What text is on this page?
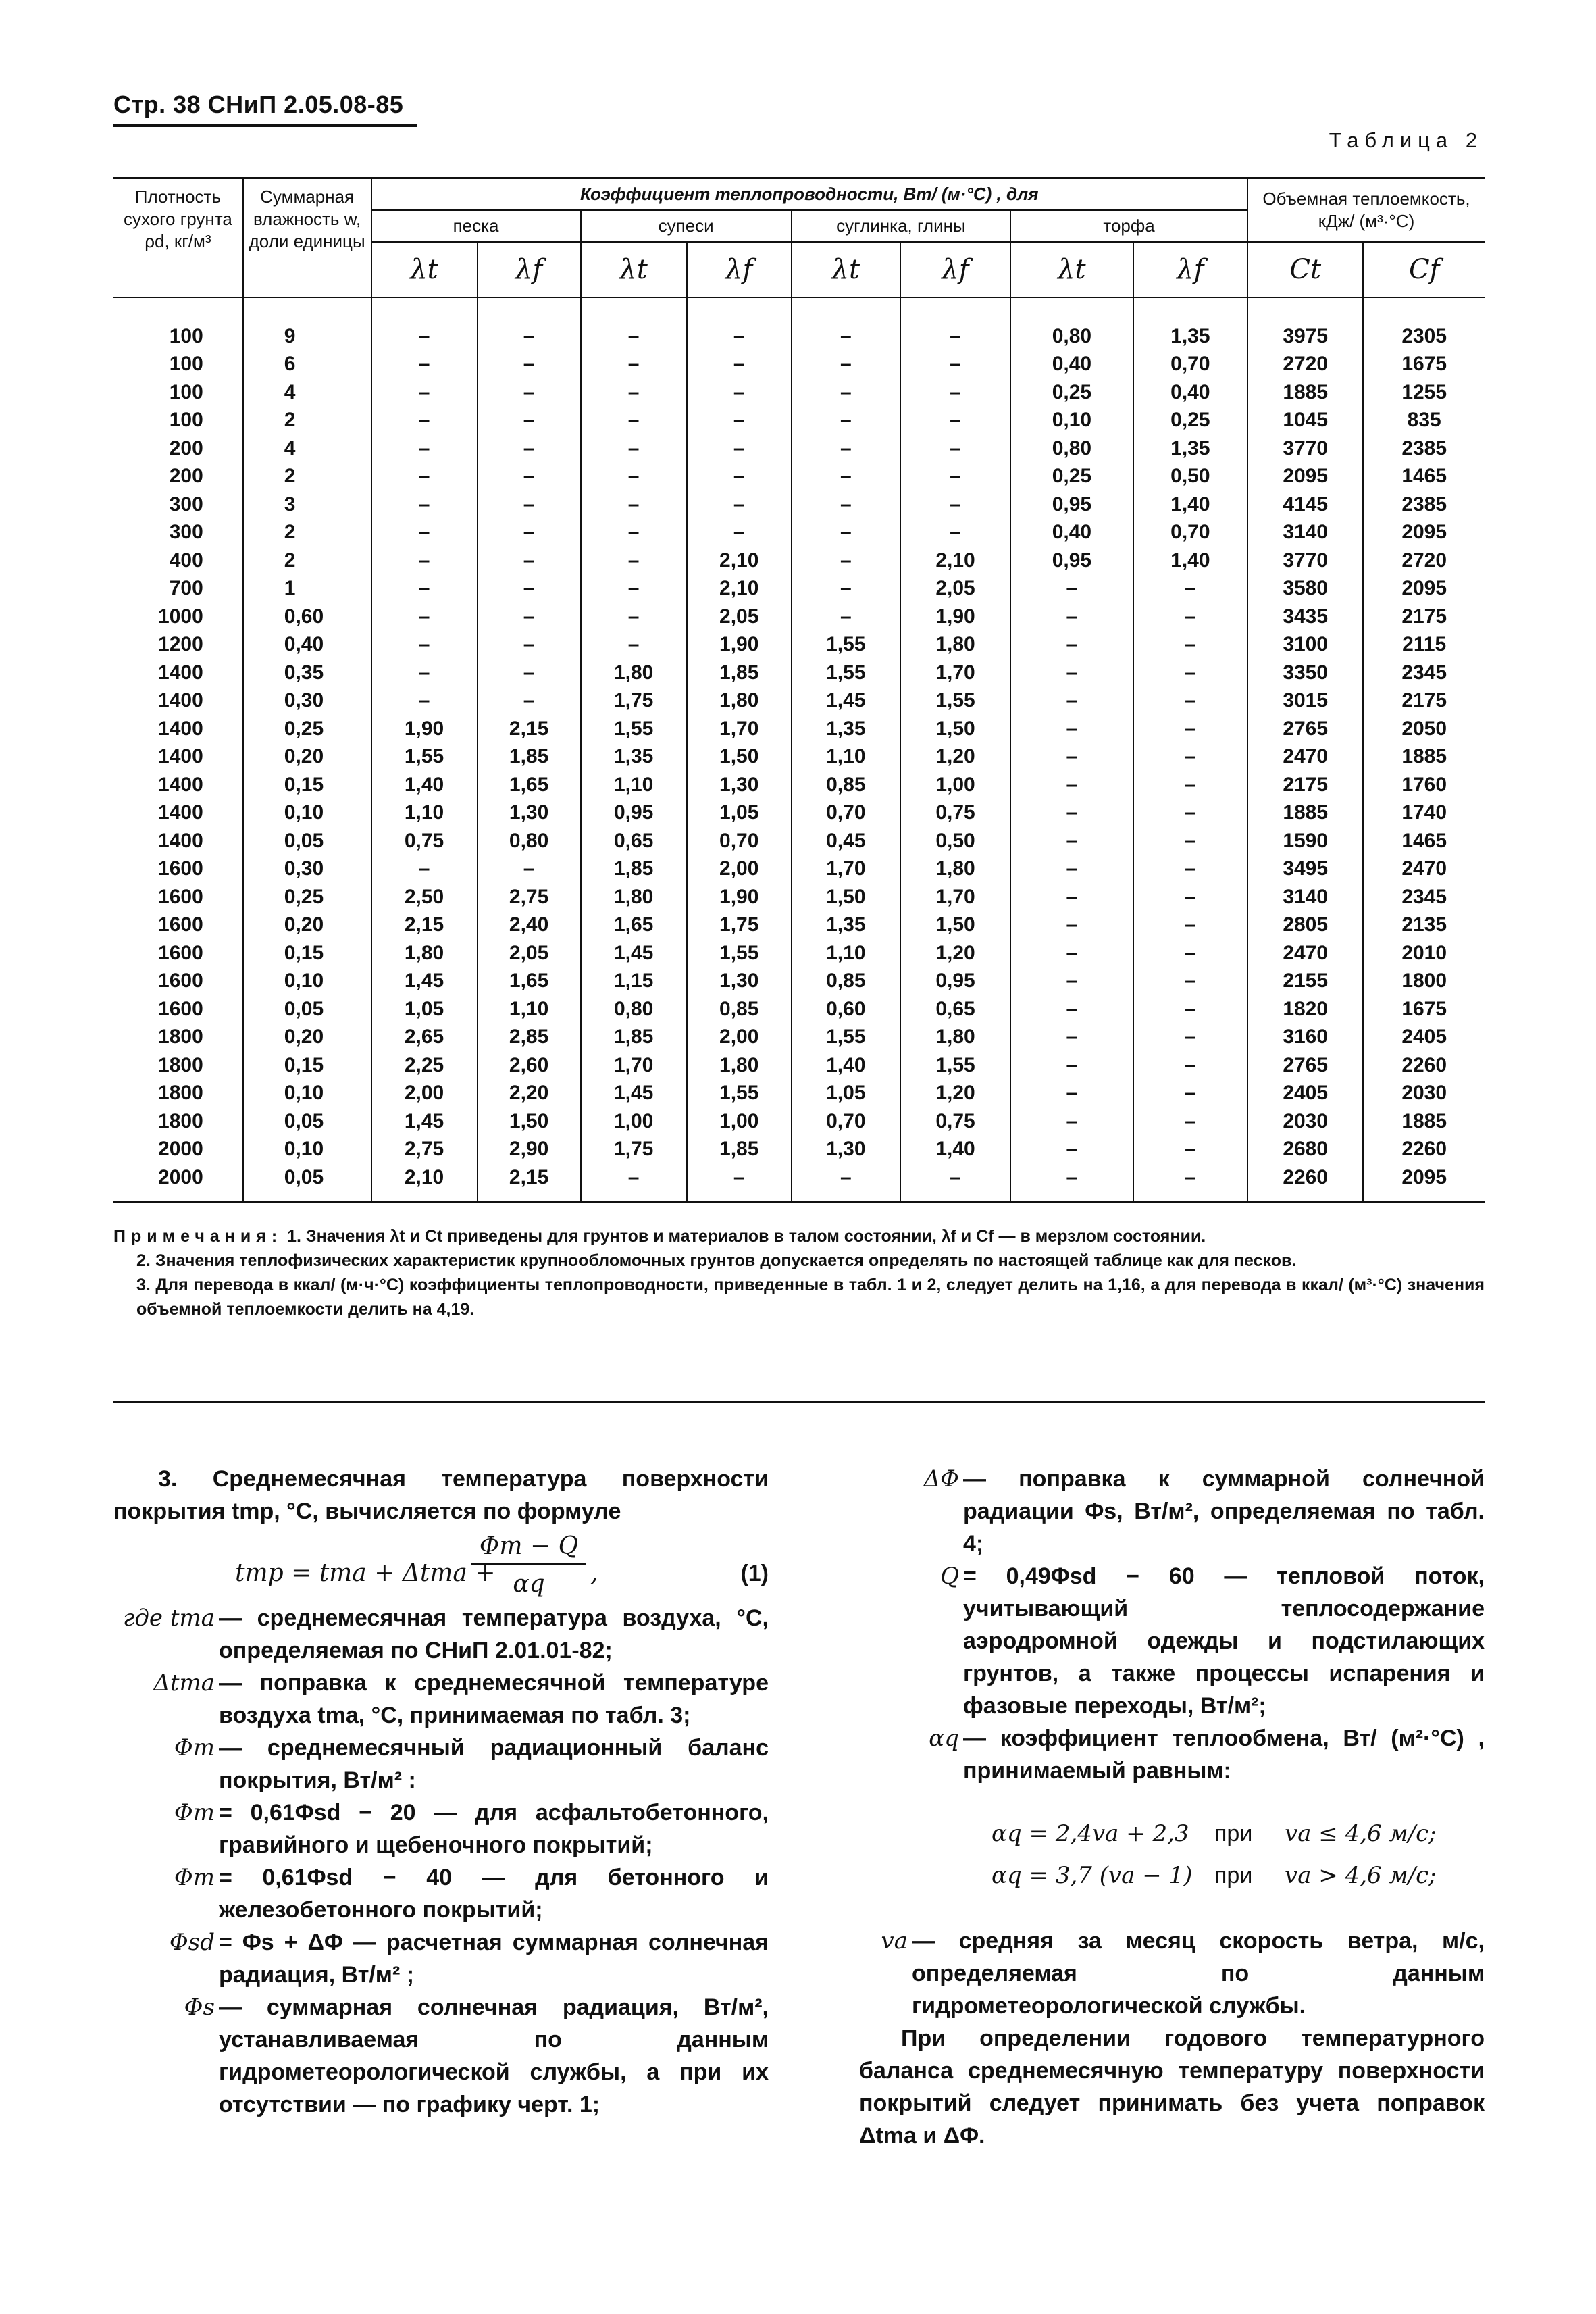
Стр. 38 СНиП 2.05.08-85
Таблица 2
Плотность сухого грунта ρd, кг/м³	Суммарная влажность w, доли единицы	Коэффициент теплопроводности, Вт/ (м·°С) , для								Объемная теплоемкость, кДж/ (м³·°С)	
		песка		супеси		суглинка, глины		торфа			
		λt	λf	λt	λf	λt	λf	λt	λf	Ct	Cf
100	9	–	–	–	–	–	–	0,80	1,35	3975	2305
100	6	–	–	–	–	–	–	0,40	0,70	2720	1675
100	4	–	–	–	–	–	–	0,25	0,40	1885	1255
100	2	–	–	–	–	–	–	0,10	0,25	1045	835
200	4	–	–	–	–	–	–	0,80	1,35	3770	2385
200	2	–	–	–	–	–	–	0,25	0,50	2095	1465
300	3	–	–	–	–	–	–	0,95	1,40	4145	2385
300	2	–	–	–	–	–	–	0,40	0,70	3140	2095
400	2	–	–	–	2,10	–	2,10	0,95	1,40	3770	2720
700	1	–	–	–	2,10	–	2,05	–	–	3580	2095
1000	0,60	–	–	–	2,05	–	1,90	–	–	3435	2175
1200	0,40	–	–	–	1,90	1,55	1,80	–	–	3100	2115
1400	0,35	–	–	1,80	1,85	1,55	1,70	–	–	3350	2345
1400	0,30	–	–	1,75	1,80	1,45	1,55	–	–	3015	2175
1400	0,25	1,90	2,15	1,55	1,70	1,35	1,50	–	–	2765	2050
1400	0,20	1,55	1,85	1,35	1,50	1,10	1,20	–	–	2470	1885
1400	0,15	1,40	1,65	1,10	1,30	0,85	1,00	–	–	2175	1760
1400	0,10	1,10	1,30	0,95	1,05	0,70	0,75	–	–	1885	1740
1400	0,05	0,75	0,80	0,65	0,70	0,45	0,50	–	–	1590	1465
1600	0,30	–	–	1,85	2,00	1,70	1,80	–	–	3495	2470
1600	0,25	2,50	2,75	1,80	1,90	1,50	1,70	–	–	3140	2345
1600	0,20	2,15	2,40	1,65	1,75	1,35	1,50	–	–	2805	2135
1600	0,15	1,80	2,05	1,45	1,55	1,10	1,20	–	–	2470	2010
1600	0,10	1,45	1,65	1,15	1,30	0,85	0,95	–	–	2155	1800
1600	0,05	1,05	1,10	0,80	0,85	0,60	0,65	–	–	1820	1675
1800	0,20	2,65	2,85	1,85	2,00	1,55	1,80	–	–	3160	2405
1800	0,15	2,25	2,60	1,70	1,80	1,40	1,55	–	–	2765	2260
1800	0,10	2,00	2,20	1,45	1,55	1,05	1,20	–	–	2405	2030
1800	0,05	1,45	1,50	1,00	1,00	0,70	0,75	–	–	2030	1885
2000	0,10	2,75	2,90	1,75	1,85	1,30	1,40	–	–	2680	2260
2000	0,05	2,10	2,15	–	–	–	–	–	–	2260	2095

Примечания: 1. Значения λt и Ct приведены для грунтов и материалов в талом состоянии, λf и Cf — в мерзлом состоянии.

2. Значения теплофизических характеристик крупнообломочных грунтов допускается определять по настоящей таблице как для песков.

3. Для перевода в ккал/ (м·ч·°С) коэффициенты теплопроводности, приведенные в табл. 1 и 2, следует делить на 1,16, а для перевода в ккал/ (м³·°С) значения объемной теплоемкости делить на 4,19.

3. Среднемесячная температура поверхности покрытия tmp, °С, вычисляется по формуле

tmp = tma + Δtma +
Φm − Q
αq	,	(1)
где tma — среднемесячная температура воздуха, °С, определяемая по СНиП 2.01.01-82;
Δtma — поправка к среднемесячной температуре воздуха tma, °С, принимаемая по табл. 3;
Φm — среднемесячный радиационный баланс покрытия, Вт/м² :
Φm = 0,61Φsd − 20 — для асфальтобетонного, гравийного и щебеночного покрытий;
Φm = 0,61Φsd − 40 — для бетонного и железобетонного покрытий;
Φsd = Φs + ΔΦ — расчетная суммарная солнечная радиация, Вт/м² ;
Φs — суммарная солнечная радиация, Вт/м², устанавливаемая по данным гидрометеорологической службы, а при их отсутствии — по графику черт. 1;
ΔΦ — поправка к суммарной солнечной радиации Φs, Вт/м², определяемая по табл. 4;
Q = 0,49Φsd − 60 — тепловой поток, учитывающий теплосодержание аэродромной одежды и подстилающих грунтов, а также процессы испарения и фазовые переходы, Вт/м²;
αq — коэффициент теплообмена, Вт/ (м²·°С) , принимаемый равным:
αq = 2,4va + 2,3	при	va ≤ 4,6 м/с;
αq = 3,7 (va − 1) при	va > 4,6 м/с;
va — средняя за месяц скорость ветра, м/с, определяемая по данным гидрометеорологической службы.

При определении годового температурного баланса среднемесячную температуру поверхности покрытий следует принимать без учета поправок Δtma и ΔΦ.
